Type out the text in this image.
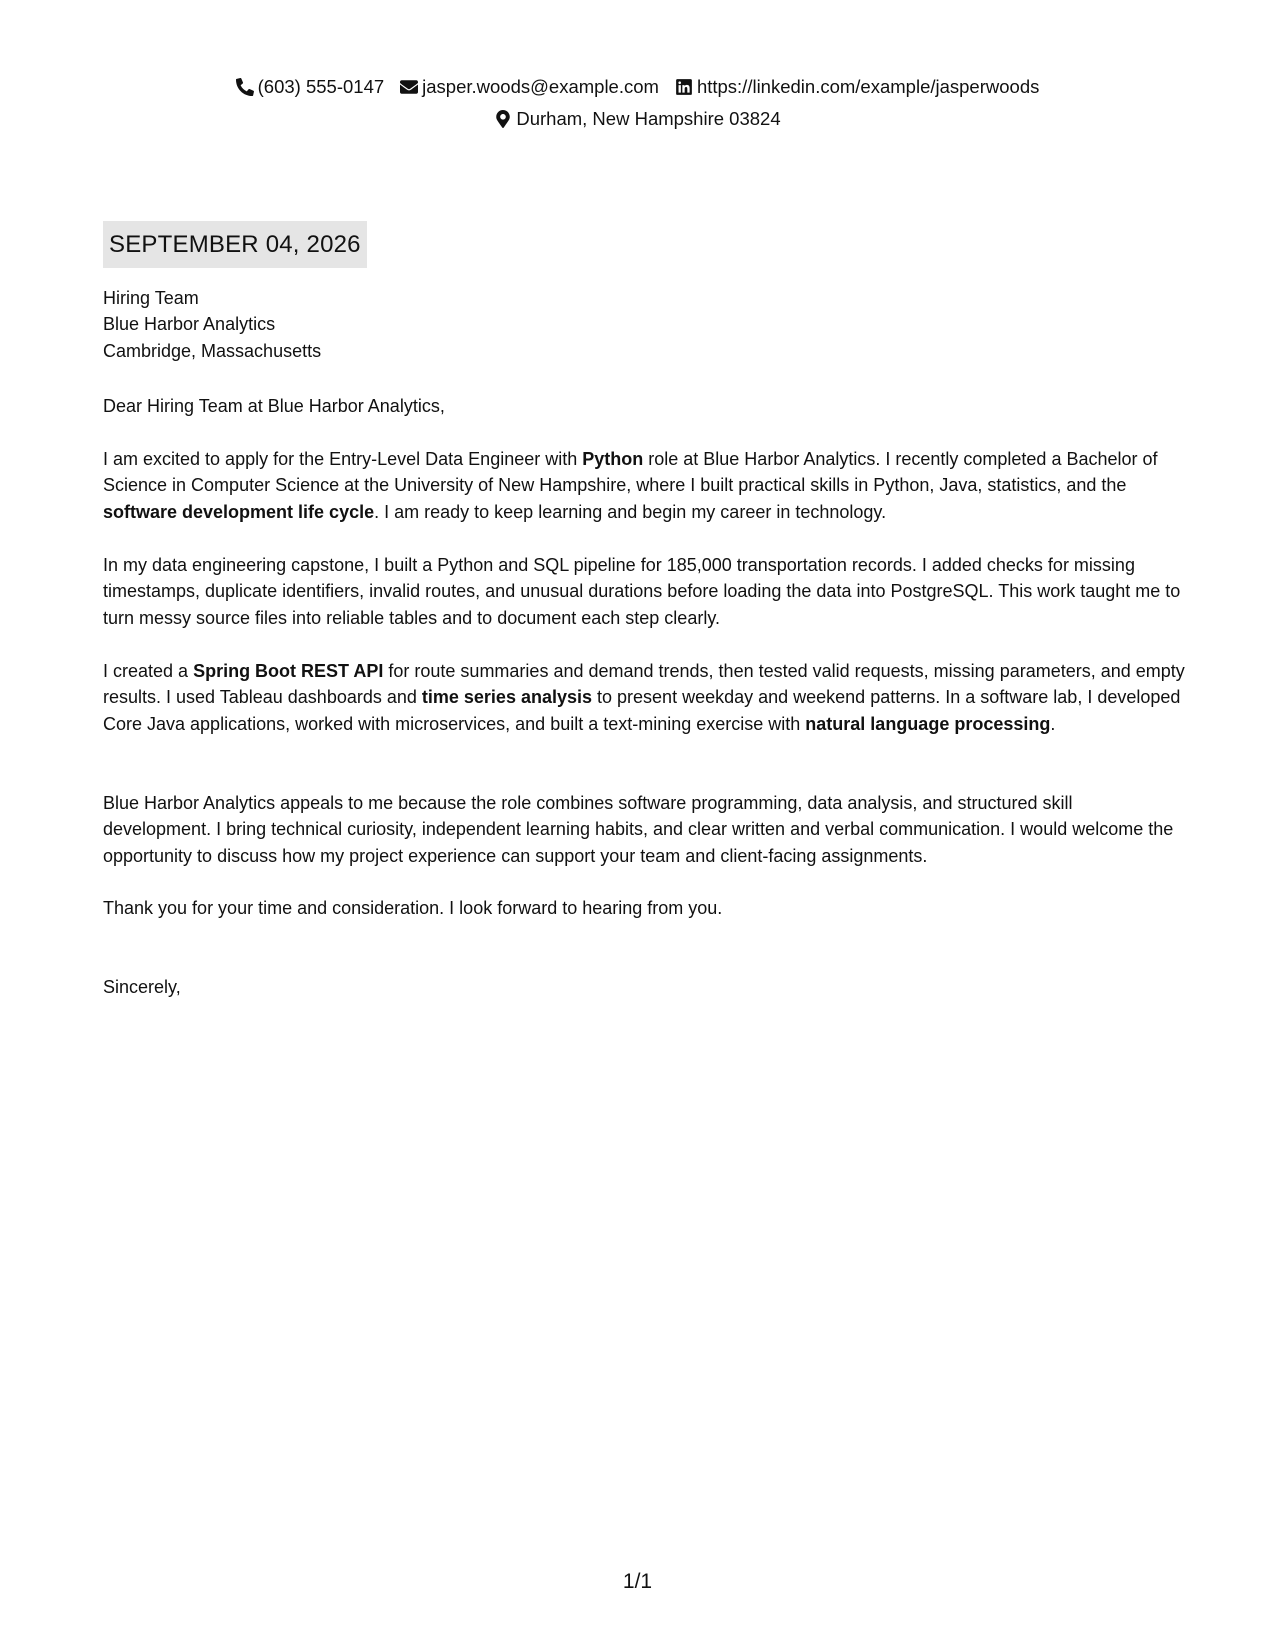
(603) 555-0147 jasper.woods@example.com https://linkedin.com/example/jasperwoods
Durham, New Hampshire 03824
SEPTEMBER 04, 2026

Hiring Team

Blue Harbor Analytics

Cambridge, Massachusetts

Dear Hiring Team at Blue Harbor Analytics,

I am excited to apply for the Entry-Level Data Engineer with Python role at Blue Harbor Analytics. I recently completed a Bachelor of Science in Computer Science at the University of New Hampshire, where I built practical skills in Python, Java, statistics, and the software development life cycle. I am ready to keep learning and begin my career in technology.

In my data engineering capstone, I built a Python and SQL pipeline for 185,000 transportation records. I added checks for missing timestamps, duplicate identifiers, invalid routes, and unusual durations before loading the data into PostgreSQL. This work taught me to turn messy source files into reliable tables and to document each step clearly.

I created a Spring Boot REST API for route summaries and demand trends, then tested valid requests, missing parameters, and empty results. I used Tableau dashboards and time series analysis to present weekday and weekend patterns. In a software lab, I developed Core Java applications, worked with microservices, and built a text-mining exercise with natural language processing.

Blue Harbor Analytics appeals to me because the role combines software programming, data analysis, and structured skill development. I bring technical curiosity, independent learning habits, and clear written and verbal communication. I would welcome the opportunity to discuss how my project experience can support your team and client-facing assignments.

Thank you for your time and consideration. I look forward to hearing from you.

Sincerely,

1/1
